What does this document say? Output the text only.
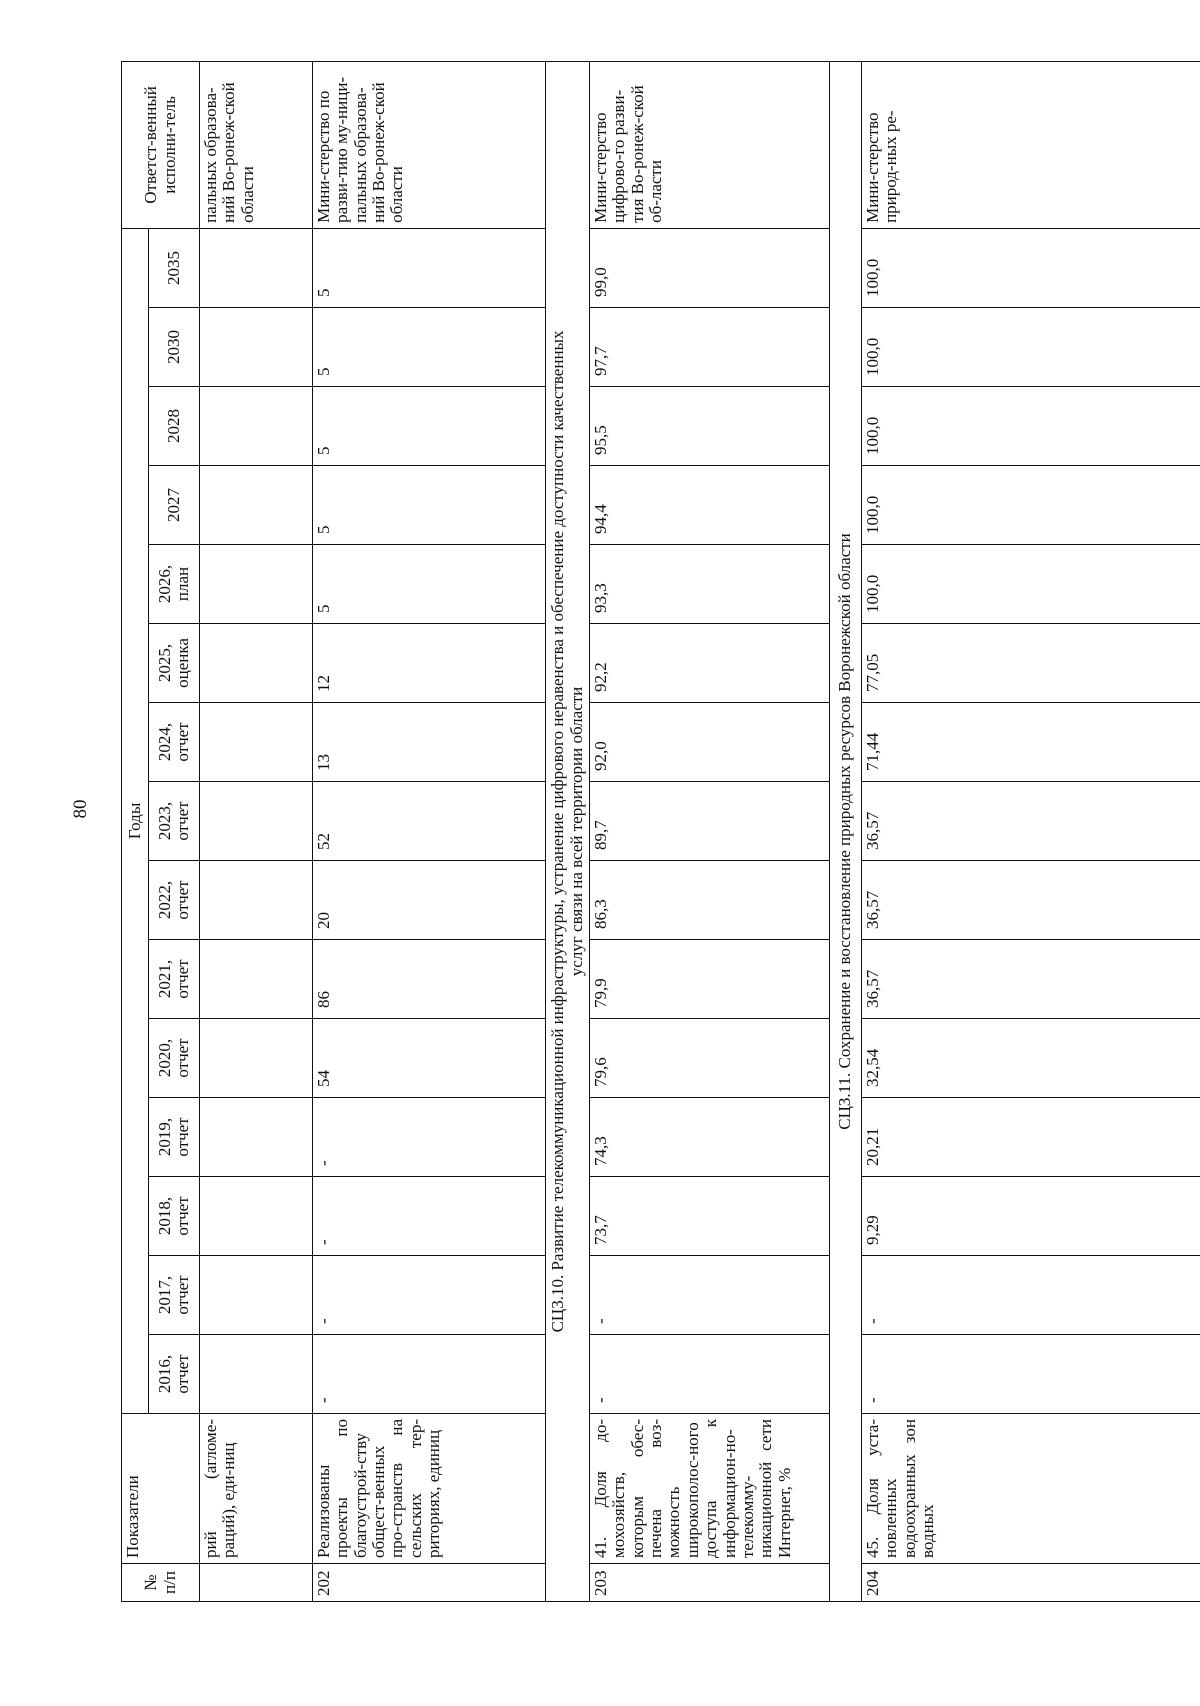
80
№ п/п	Показатели	Годы															Ответст-венный исполни-тель
		2016, отчет	2017, отчет	2018, отчет	2019, отчет	2020, отчет	2021, отчет	2022, отчет	2023, отчет	2024, отчет	2025, оценка	2026, план	2027	2028	2030	2035	
	рий (агломе-раций), еди-ниц																пальных образова-ний Во-ронеж-ской области
202	Реализованы проекты по благоустрой-ству общест-венных про-странств на сельских тер-риториях, единиц	-	-	-	-	54	86	20	52	13	12	5	5	5	5	5	Мини-стерство по разви-тию му-ници-пальных образова-ний Во-ронеж-ской области
СЦ3.10. Развитие телекоммуникационной инфраструктуры, устранение цифрового неравенства и обеспечение доступности качественных услуг связи на всей территории области																	
203	41. Доля до-мохозяйств, которым обес-печена воз-можность широкополос-ного доступа к информацион-но-телекомму-никационной сети Интернет, %	-	-	73,7	74,3	79,6	79,9	86,3	89,7	92,0	92,2	93,3	94,4	95,5	97,7	99,0	Мини-стерство цифрово-го разви-тия Во-ронеж-ской об-ласти
СЦ3.11. Сохранение и восстановление природных ресурсов Воронежской области																	
204	45. Доля уста-новленных водоохранных зон водных	-	-	9,29	20,21	32,54	36,57	36,57	36,57	71,44	77,05	100,0	100,0	100,0	100,0	100,0	Мини-стерство природ-ных ре-
